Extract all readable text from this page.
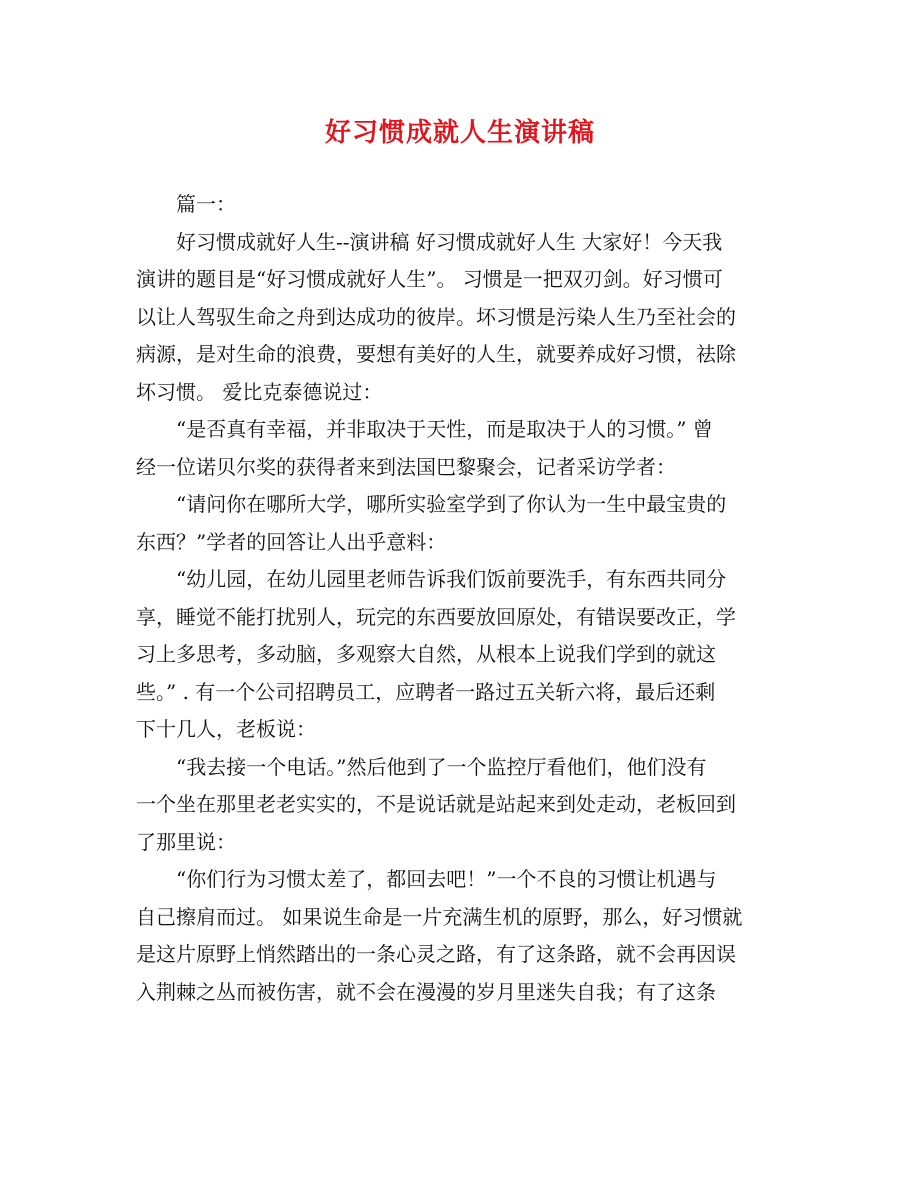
好习惯成就人生演讲稿
篇一：
好习惯成就好人生--演讲稿 好习惯成就好人生 大家好！今天我
演讲的题目是“好习惯成就好人生”。 习惯是一把双刃剑。好习惯可
以让人驾驭生命之舟到达成功的彼岸。坏习惯是污染人生乃至社会的
病源，是对生命的浪费，要想有美好的人生，就要养成好习惯，祛除
坏习惯。 爱比克泰德说过：
“是否真有幸福，并非取决于天性，而是取决于人的习惯。” 曾
经一位诺贝尔奖的获得者来到法国巴黎聚会，记者采访学者：
“请问你在哪所大学，哪所实验室学到了你认为一生中最宝贵的
东西？”学者的回答让人出乎意料：
“幼儿园，在幼儿园里老师告诉我们饭前要洗手，有东西共同分
享，睡觉不能打扰别人，玩完的东西要放回原处，有错误要改正，学
习上多思考，多动脑，多观察大自然，从根本上说我们学到的就这
些。” . 有一个公司招聘员工，应聘者一路过五关斩六将，最后还剩
下十几人，老板说：
“我去接一个电话。”然后他到了一个监控厅看他们，他们没有
一个坐在那里老老实实的，不是说话就是站起来到处走动，老板回到
了那里说：
“你们行为习惯太差了，都回去吧！”一个不良的习惯让机遇与
自己擦肩而过。 如果说生命是一片充满生机的原野，那么，好习惯就
是这片原野上悄然踏出的一条心灵之路，有了这条路，就不会再因误
入荆棘之丛而被伤害，就不会在漫漫的岁月里迷失自我；有了这条
